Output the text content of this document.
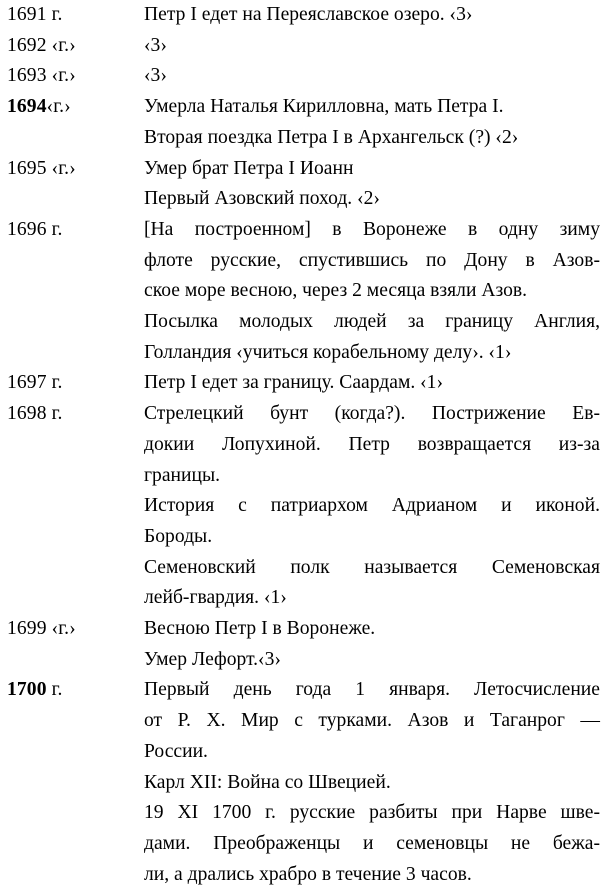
1691 г.	Петр I едет на Переяславское озеро. ‹3›

1692 ‹г.›	‹3›

1693 ‹г.›	‹3›

1694‹г.›	Умерла Наталья Кирилловна, мать Петра I.

Вторая поездка Петра I в Архангельск (?) ‹2›

1695 ‹г.›	Умер брат Петра I Иоанн

Первый Азовский поход. ‹2›

1696 г.	[На построенном] в Воронеже в одну зиму
флоте русские, спустившись по Дону в Азов-
ское море весною, через 2 месяца взяли Азов.

Посылка молодых людей за границу Англия,
Голландия ‹учиться корабельному делу›. ‹1›

1697 г.	Петр I едет за границу. Саардам. ‹1›

1698 г.	Стрелецкий бунт (когда?). Пострижение Ев-
докии Лопухиной. Петр возвращается из-за
границы.

История с патриархом Адрианом и иконой.
Бороды.

Семеновский полк называется Семеновская
лейб-гвардия. ‹1›

1699 ‹г.›	Весною Петр I в Воронеже.

Умер Лефорт.‹3›

1700 г.	Первый день года 1 января. Летосчисление
от Р. Х. Мир с турками. Азов и Таганрог —
России.

Карл XII: Война со Швецией.

19 XI 1700 г. русские разбиты при Нарве шве-
дами. Преображенцы и семеновцы не бежа-
ли, а дрались храбро в течение 3 часов.
